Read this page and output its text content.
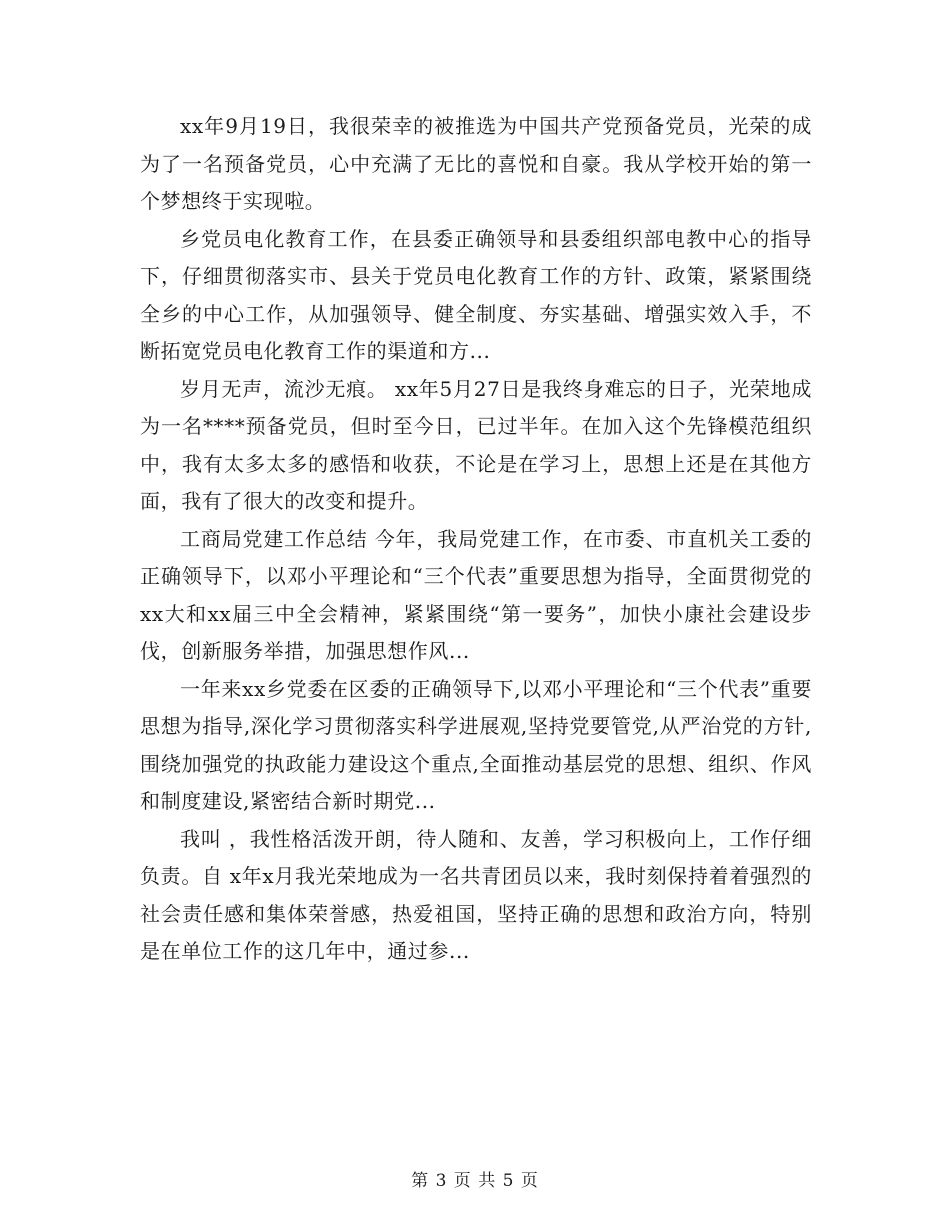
xx年9月19日，我很荣幸的被推选为中国共产党预备党员，光荣的成为了一名预备党员，心中充满了无比的喜悦和自豪。我从学校开始的第一个梦想终于实现啦。

乡党员电化教育工作，在县委正确领导和县委组织部电教中心的指导下，仔细贯彻落实市、县关于党员电化教育工作的方针、政策，紧紧围绕全乡的中心工作，从加强领导、健全制度、夯实基础、增强实效入手，不断拓宽党员电化教育工作的渠道和方...

岁月无声，流沙无痕。 xx年5月27日是我终身难忘的日子，光荣地成为一名****预备党员，但时至今日，已过半年。在加入这个先锋模范组织中，我有太多太多的感悟和收获，不论是在学习上，思想上还是在其他方面，我有了很大的改变和提升。

工商局党建工作总结 今年，我局党建工作，在市委、市直机关工委的正确领导下，以邓小平理论和“三个代表”重要思想为指导，全面贯彻党的xx大和xx届三中全会精神，紧紧围绕“第一要务”，加快小康社会建设步伐，创新服务举措，加强思想作风...

一年来xx乡党委在区委的正确领导下,以邓小平理论和“三个代表”重要思想为指导,深化学习贯彻落实科学进展观,坚持党要管党,从严治党的方针,围绕加强党的执政能力建设这个重点,全面推动基层党的思想、组织、作风和制度建设,紧密结合新时期党...

我叫 ，我性格活泼开朗，待人随和、友善，学习积极向上，工作仔细负责。自 x年x月我光荣地成为一名共青团员以来，我时刻保持着着强烈的社会责任感和集体荣誉感，热爱祖国，坚持正确的思想和政治方向，特别是在单位工作的这几年中，通过参...

第 3 页 共 5 页
